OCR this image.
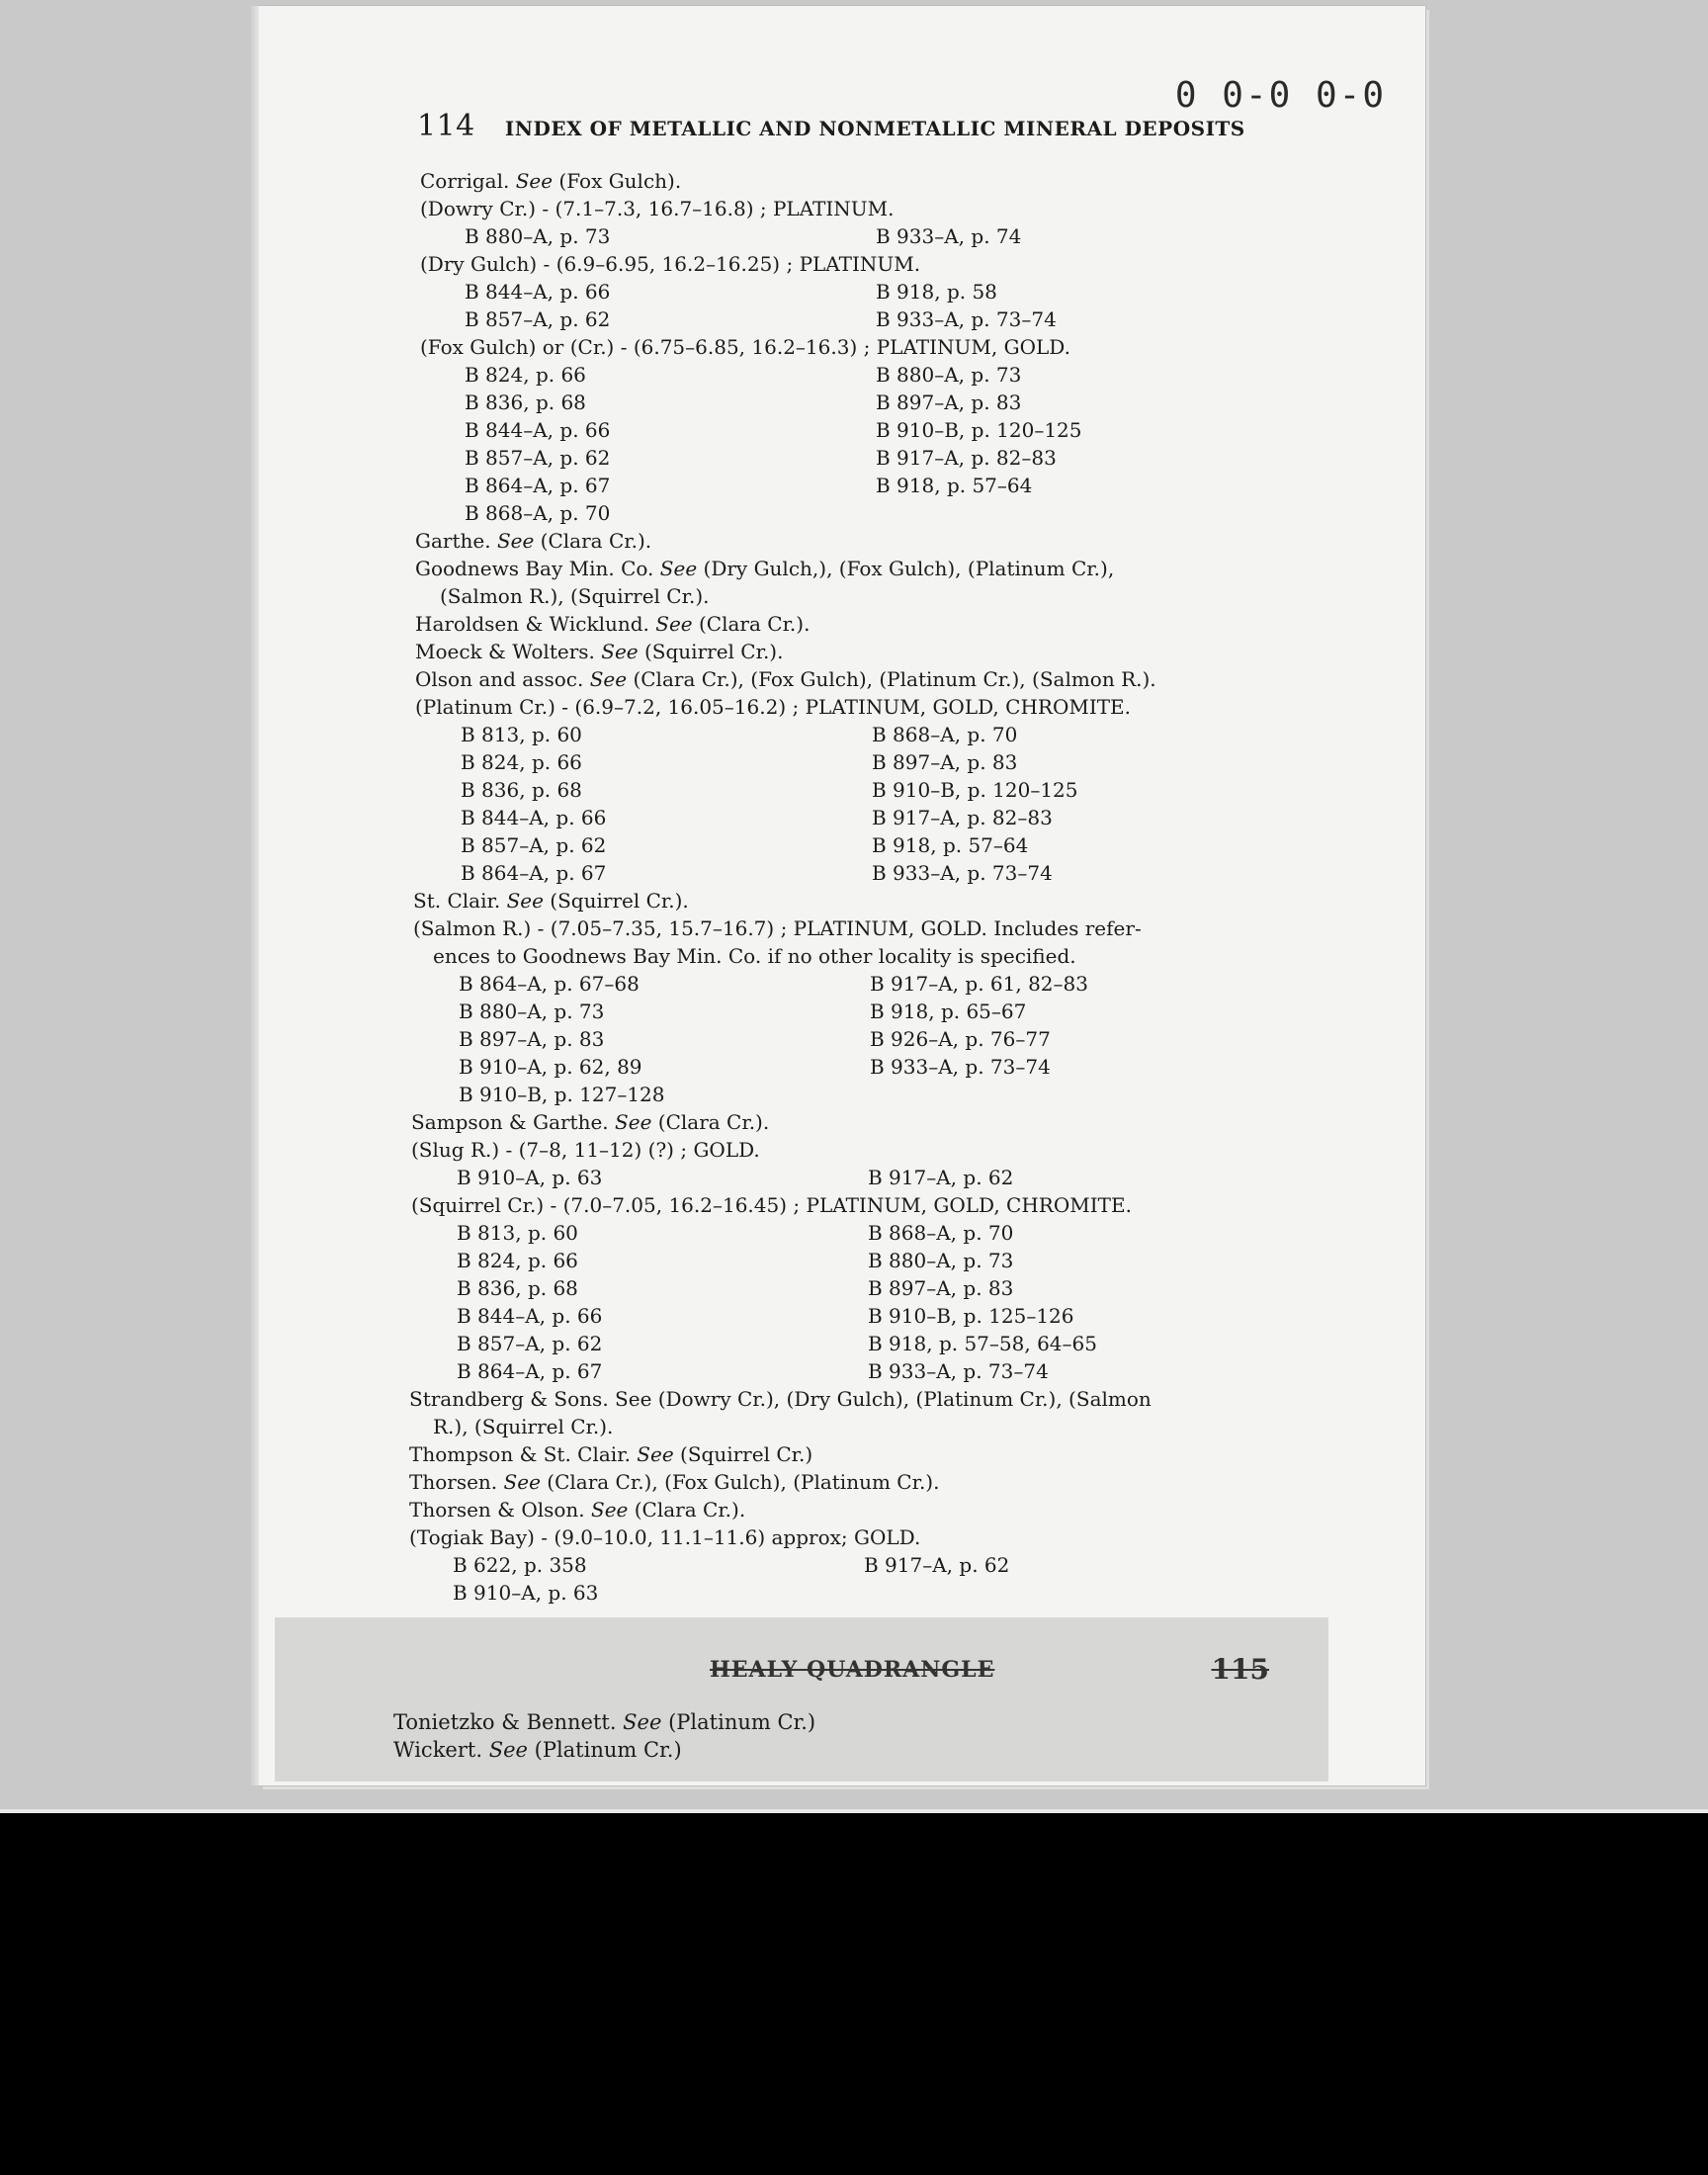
0 0-0 0-0
114 INDEX OF METALLIC AND NONMETALLIC MINERAL DEPOSITS
Corrigal. See (Fox Gulch).
(Dowry Cr.) - (7.1–7.3, 16.7–16.8) ; PLATINUM.
B 880–A, p. 73	B 933–A, p. 74
(Dry Gulch) - (6.9–6.95, 16.2–16.25) ; PLATINUM.
B 844–A, p. 66	B 918, p. 58
B 857–A, p. 62	B 933–A, p. 73–74
(Fox Gulch) or (Cr.) - (6.75–6.85, 16.2–16.3) ; PLATINUM, GOLD.
B 824, p. 66	B 880–A, p. 73
B 836, p. 68	B 897–A, p. 83
B 844–A, p. 66	B 910–B, p. 120–125
B 857–A, p. 62	B 917–A, p. 82–83
B 864–A, p. 67	B 918, p. 57–64
B 868–A, p. 70
Garthe. See (Clara Cr.).
Goodnews Bay Min. Co. See (Dry Gulch,), (Fox Gulch), (Platinum Cr.),
(Salmon R.), (Squirrel Cr.).
Haroldsen & Wicklund. See (Clara Cr.).
Moeck & Wolters. See (Squirrel Cr.).
Olson and assoc. See (Clara Cr.), (Fox Gulch), (Platinum Cr.), (Salmon R.).
(Platinum Cr.) - (6.9–7.2, 16.05–16.2) ; PLATINUM, GOLD, CHROMITE.
B 813, p. 60	B 868–A, p. 70
B 824, p. 66	B 897–A, p. 83
B 836, p. 68	B 910–B, p. 120–125
B 844–A, p. 66	B 917–A, p. 82–83
B 857–A, p. 62	B 918, p. 57–64
B 864–A, p. 67	B 933–A, p. 73–74
St. Clair. See (Squirrel Cr.).
(Salmon R.) - (7.05–7.35, 15.7–16.7) ; PLATINUM, GOLD. Includes refer-
ences to Goodnews Bay Min. Co. if no other locality is specified.
B 864–A, p. 67–68	B 917–A, p. 61, 82–83
B 880–A, p. 73	B 918, p. 65–67
B 897–A, p. 83	B 926–A, p. 76–77
B 910–A, p. 62, 89	B 933–A, p. 73–74
B 910–B, p. 127–128
Sampson & Garthe. See (Clara Cr.).
(Slug R.) - (7–8, 11–12) (?) ; GOLD.
B 910–A, p. 63	B 917–A, p. 62
(Squirrel Cr.) - (7.0–7.05, 16.2–16.45) ; PLATINUM, GOLD, CHROMITE.
B 813, p. 60	B 868–A, p. 70
B 824, p. 66	B 880–A, p. 73
B 836, p. 68	B 897–A, p. 83
B 844–A, p. 66	B 910–B, p. 125–126
B 857–A, p. 62	B 918, p. 57–58, 64–65
B 864–A, p. 67	B 933–A, p. 73–74
Strandberg & Sons. See (Dowry Cr.), (Dry Gulch), (Platinum Cr.), (Salmon
R.), (Squirrel Cr.).
Thompson & St. Clair. See (Squirrel Cr.)
Thorsen. See (Clara Cr.), (Fox Gulch), (Platinum Cr.).
Thorsen & Olson. See (Clara Cr.).
(Togiak Bay) - (9.0–10.0, 11.1–11.6) approx; GOLD.
B 622, p. 358	B 917–A, p. 62
B 910–A, p. 63
HEALY QUADRANGLE	115
Tonietzko & Bennett. See (Platinum Cr.)
Wickert. See (Platinum Cr.)
